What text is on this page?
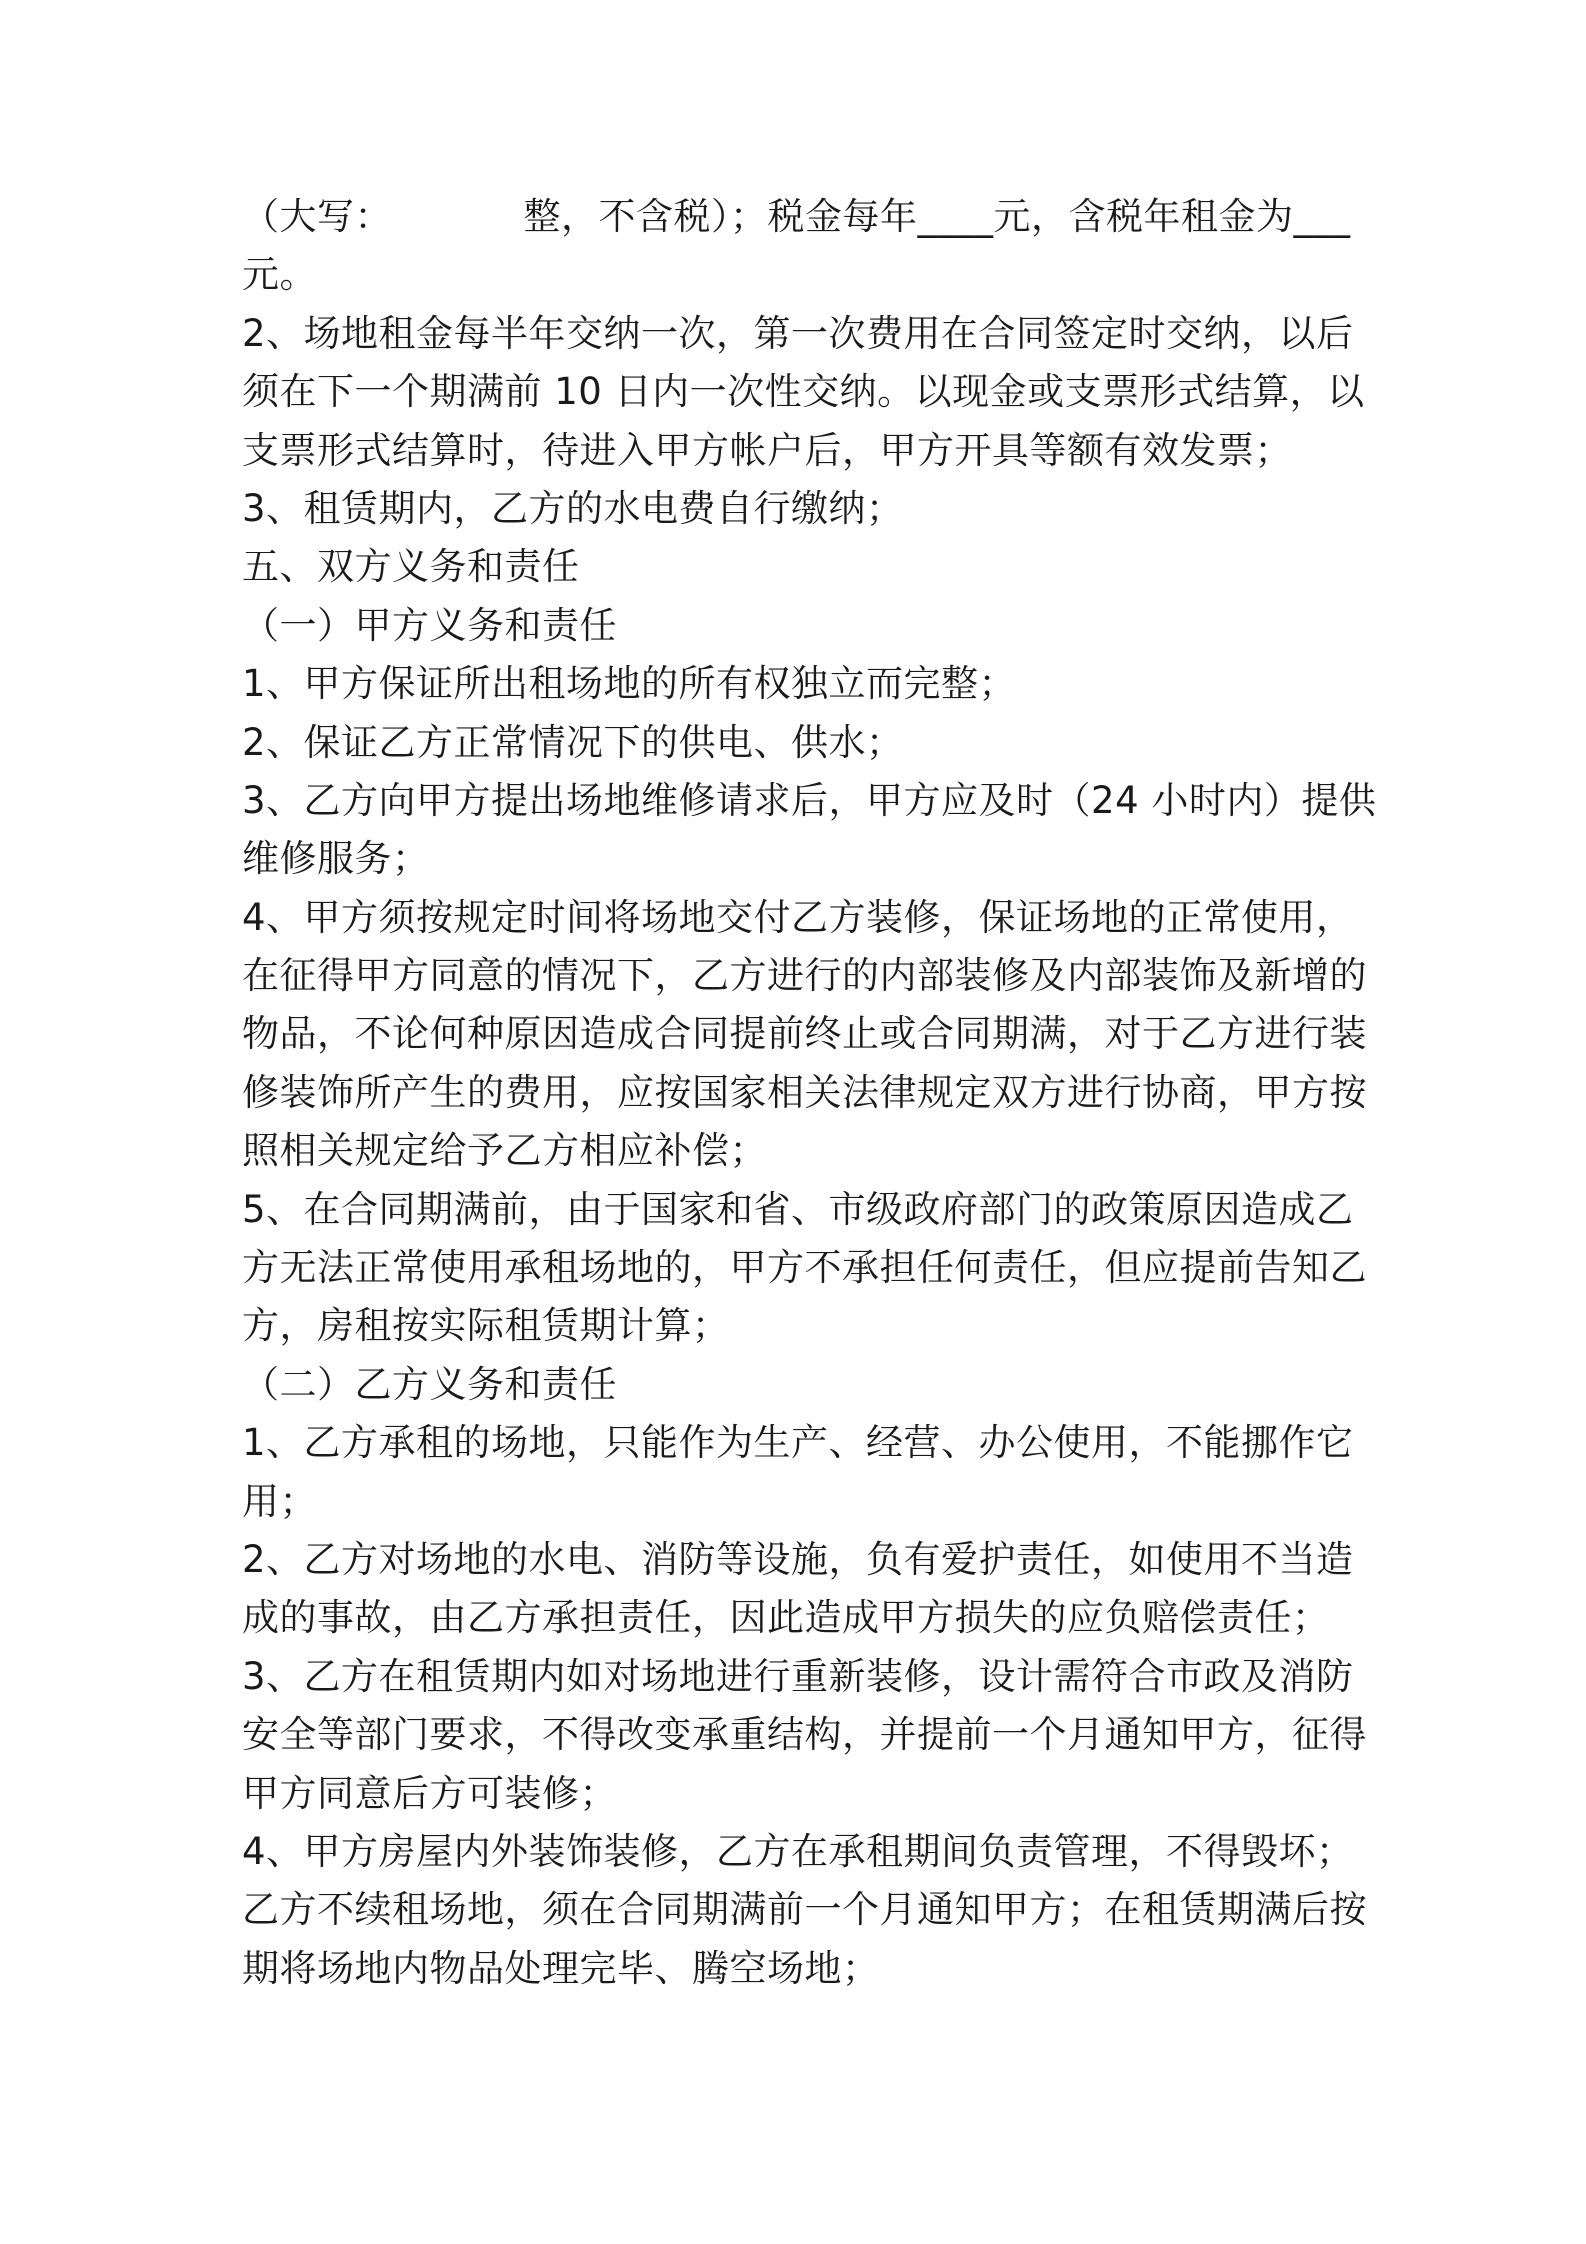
（大写：　　　　整，不含税）；税金每年____元，含税年租金为___
元。
2、场地租金每半年交纳一次，第一次费用在合同签定时交纳，以后
须在下一个期满前 10 日内一次性交纳。以现金或支票形式结算，以
支票形式结算时，待进入甲方帐户后，甲方开具等额有效发票；
3、租赁期内，乙方的水电费自行缴纳；
五、双方义务和责任
（一）甲方义务和责任
1、甲方保证所出租场地的所有权独立而完整；
2、保证乙方正常情况下的供电、供水；
3、乙方向甲方提出场地维修请求后，甲方应及时（24 小时内）提供
维修服务；
4、甲方须按规定时间将场地交付乙方装修，保证场地的正常使用，
在征得甲方同意的情况下，乙方进行的内部装修及内部装饰及新增的
物品，不论何种原因造成合同提前终止或合同期满，对于乙方进行装
修装饰所产生的费用，应按国家相关法律规定双方进行协商，甲方按
照相关规定给予乙方相应补偿；
5、在合同期满前，由于国家和省、市级政府部门的政策原因造成乙
方无法正常使用承租场地的，甲方不承担任何责任，但应提前告知乙
方，房租按实际租赁期计算；
（二）乙方义务和责任
1、乙方承租的场地，只能作为生产、经营、办公使用，不能挪作它
用；
2、乙方对场地的水电、消防等设施，负有爱护责任，如使用不当造
成的事故，由乙方承担责任，因此造成甲方损失的应负赔偿责任；
3、乙方在租赁期内如对场地进行重新装修，设计需符合市政及消防
安全等部门要求，不得改变承重结构，并提前一个月通知甲方，征得
甲方同意后方可装修；
4、甲方房屋内外装饰装修，乙方在承租期间负责管理，不得毁坏；
乙方不续租场地，须在合同期满前一个月通知甲方；在租赁期满后按
期将场地内物品处理完毕、腾空场地；
